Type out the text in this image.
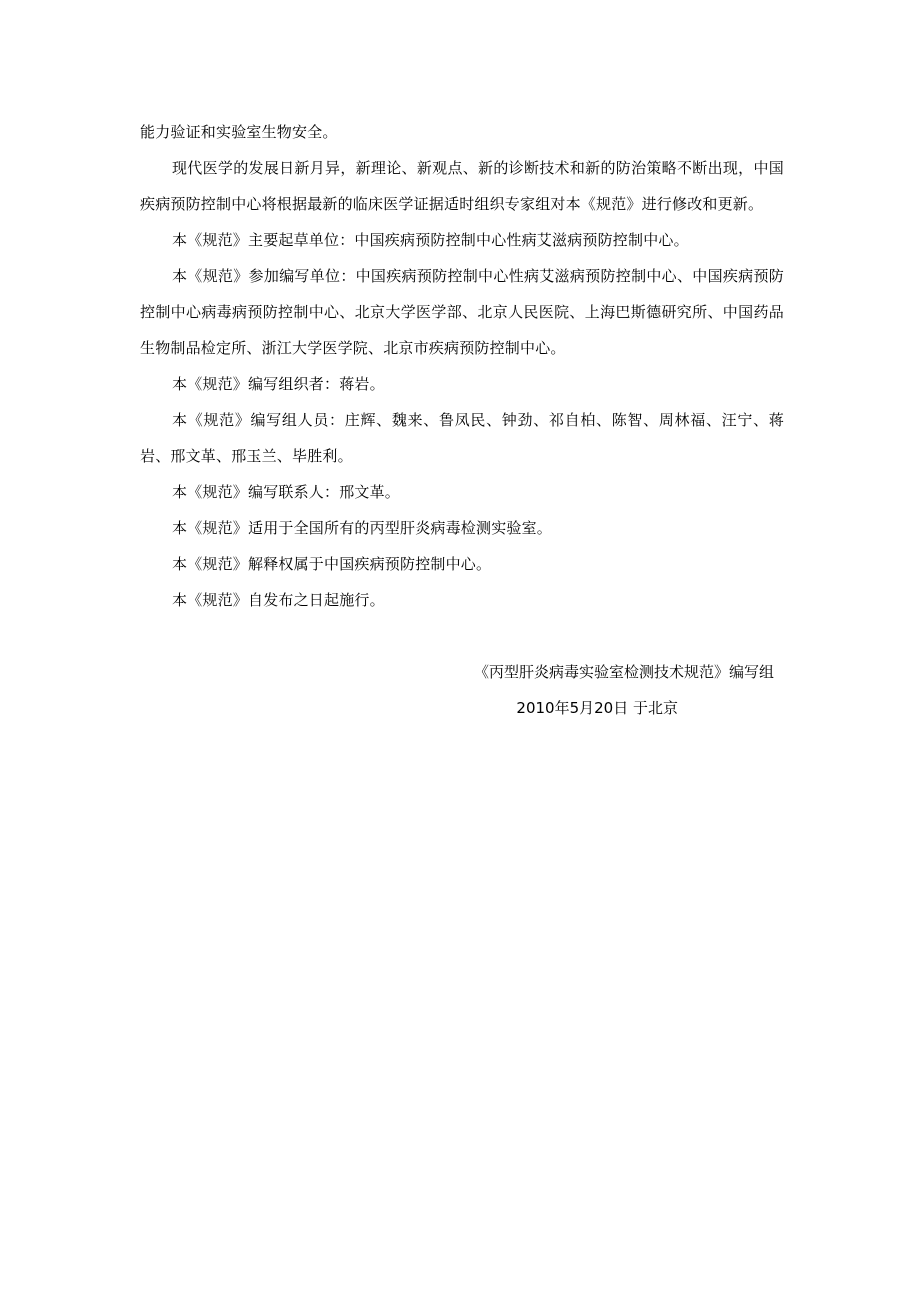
能力验证和实验室生物安全。

现代医学的发展日新月异，新理论、新观点、新的诊断技术和新的防治策略不断出现，中国疾病预防控制中心将根据最新的临床医学证据适时组织专家组对本《规范》进行修改和更新。

本《规范》主要起草单位：中国疾病预防控制中心性病艾滋病预防控制中心。

本《规范》参加编写单位：中国疾病预防控制中心性病艾滋病预防控制中心、中国疾病预防控制中心病毒病预防控制中心、北京大学医学部、北京人民医院、上海巴斯德研究所、中国药品生物制品检定所、浙江大学医学院、北京市疾病预防控制中心。

本《规范》编写组织者：蒋岩。

本《规范》编写组人员：庄辉、魏来、鲁凤民、钟劲、祁自柏、陈智、周林福、汪宁、蒋岩、邢文革、邢玉兰、毕胜利。

本《规范》编写联系人：邢文革。

本《规范》适用于全国所有的丙型肝炎病毒检测实验室。

本《规范》解释权属于中国疾病预防控制中心。

本《规范》自发布之日起施行。

《丙型肝炎病毒实验室检测技术规范》编写组
2010年5月20日 于北京
